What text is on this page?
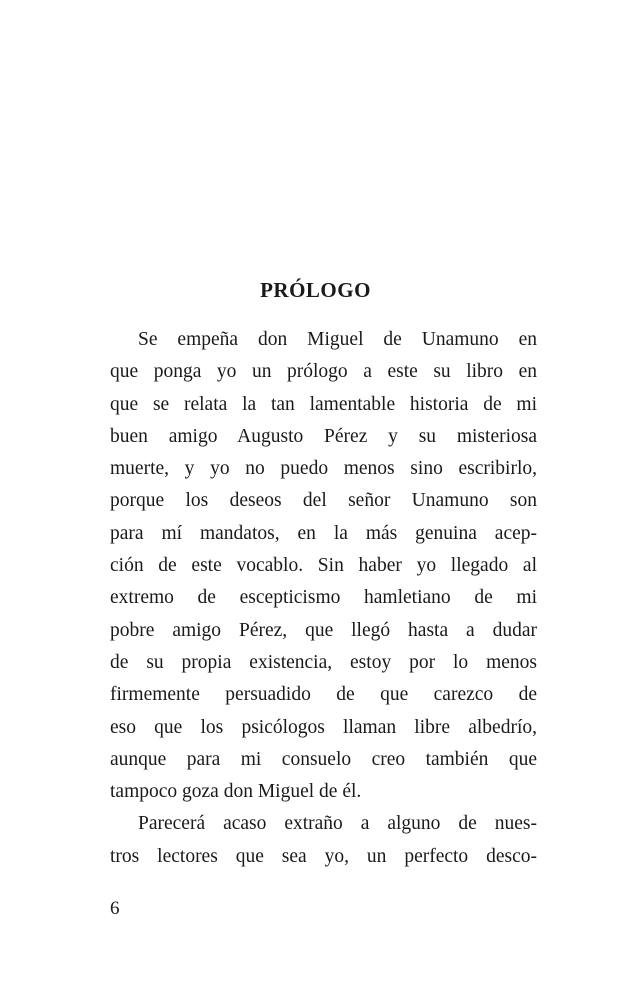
PRÓLOGO
Se empeña don Miguel de Unamuno en
que ponga yo un prólogo a este su libro en
que se relata la tan lamentable historia de mi
buen amigo Augusto Pérez y su misteriosa
muerte, y yo no puedo menos sino escribirlo,
porque los deseos del señor Unamuno son
para mí mandatos, en la más genuina acep-
ción de este vocablo. Sin haber yo llegado al
extremo de escepticismo hamletiano de mi
pobre amigo Pérez, que llegó hasta a dudar
de su propia existencia, estoy por lo menos
firmemente persuadido de que carezco de
eso que los psicólogos llaman libre albedrío,
aunque para mi consuelo creo también que
tampoco goza don Miguel de él.
Parecerá acaso extraño a alguno de nues-
tros lectores que sea yo, un perfecto desco-

6
